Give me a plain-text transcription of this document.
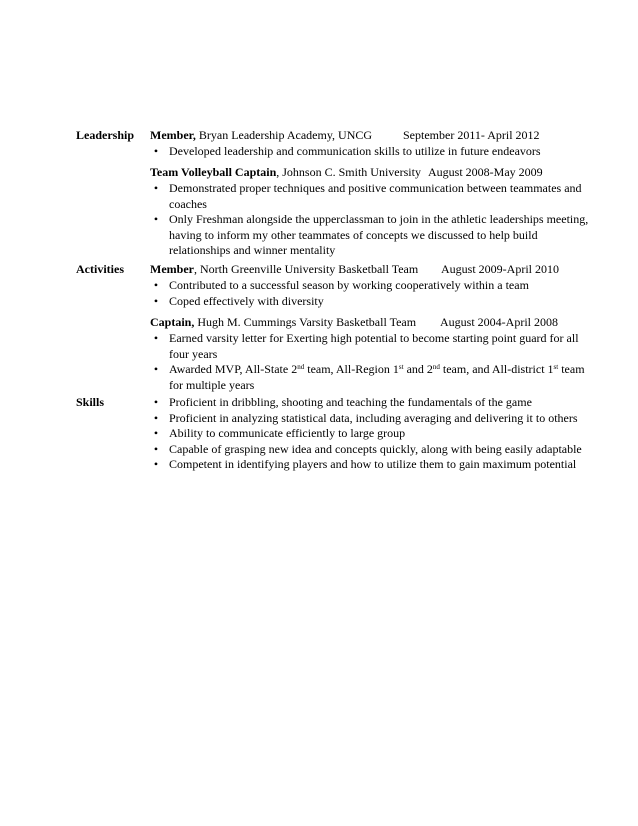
Leadership Member, Bryan Leadership Academy, UNCG	September 2011- April 2012
• Developed leadership and communication skills to utilize in future endeavors
Team Volleyball Captain, Johnson C. Smith University August 2008-May 2009
• Demonstrated proper techniques and positive communication between teammates and coaches
• Only Freshman alongside the upperclassman to join in the athletic leaderships meeting, having to inform my other teammates of concepts we discussed to help build relationships and winner mentality
Activities Member, North Greenville University Basketball Team August 2009-April 2010
• Contributed to a successful season by working cooperatively within a team
• Coped effectively with diversity
Captain, Hugh M. Cummings Varsity Basketball Team August 2004-April 2008
• Earned varsity letter for Exerting high potential to become starting point guard for all four years
• Awarded MVP, All-State 2nd team, All-Region 1st and 2nd team, and All-district 1st team for multiple years
Skills	• Proficient in dribbling, shooting and teaching the fundamentals of the game
• Proficient in analyzing statistical data, including averaging and delivering it to others
• Ability to communicate efficiently to large group
• Capable of grasping new idea and concepts quickly, along with being easily adaptable
• Competent in identifying players and how to utilize them to gain maximum potential
